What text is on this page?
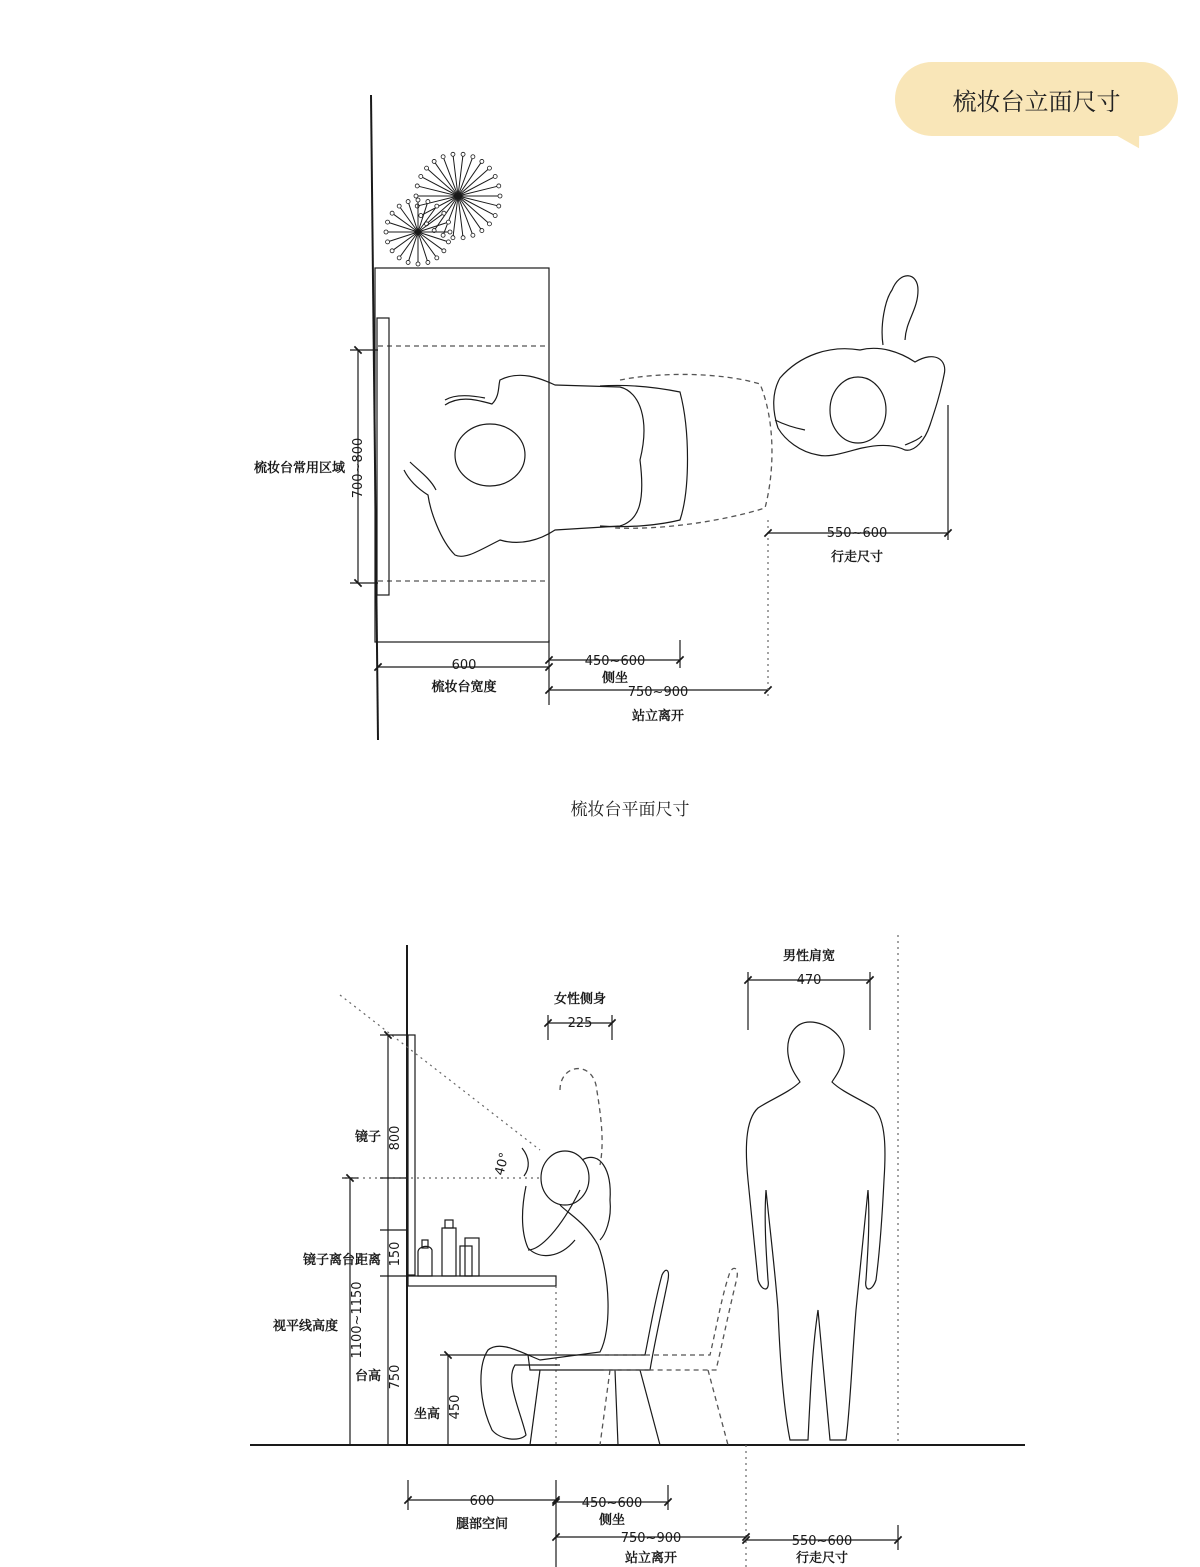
700~800
梳妆台常用区域
600
梳妆台宽度
450~600
侧坐
750~900
站立离开
550~600
行走尺寸
梳妆台平面尺寸
225
女性侧身
470
男性肩宽
40°
800
镜子
150
镜子离台距离
750
台高
1100~1150
视平线高度
450
坐高
600
腿部空间
450~600
侧坐
750~900
站立离开
550~600
行走尺寸
梳妆台立面尺寸
